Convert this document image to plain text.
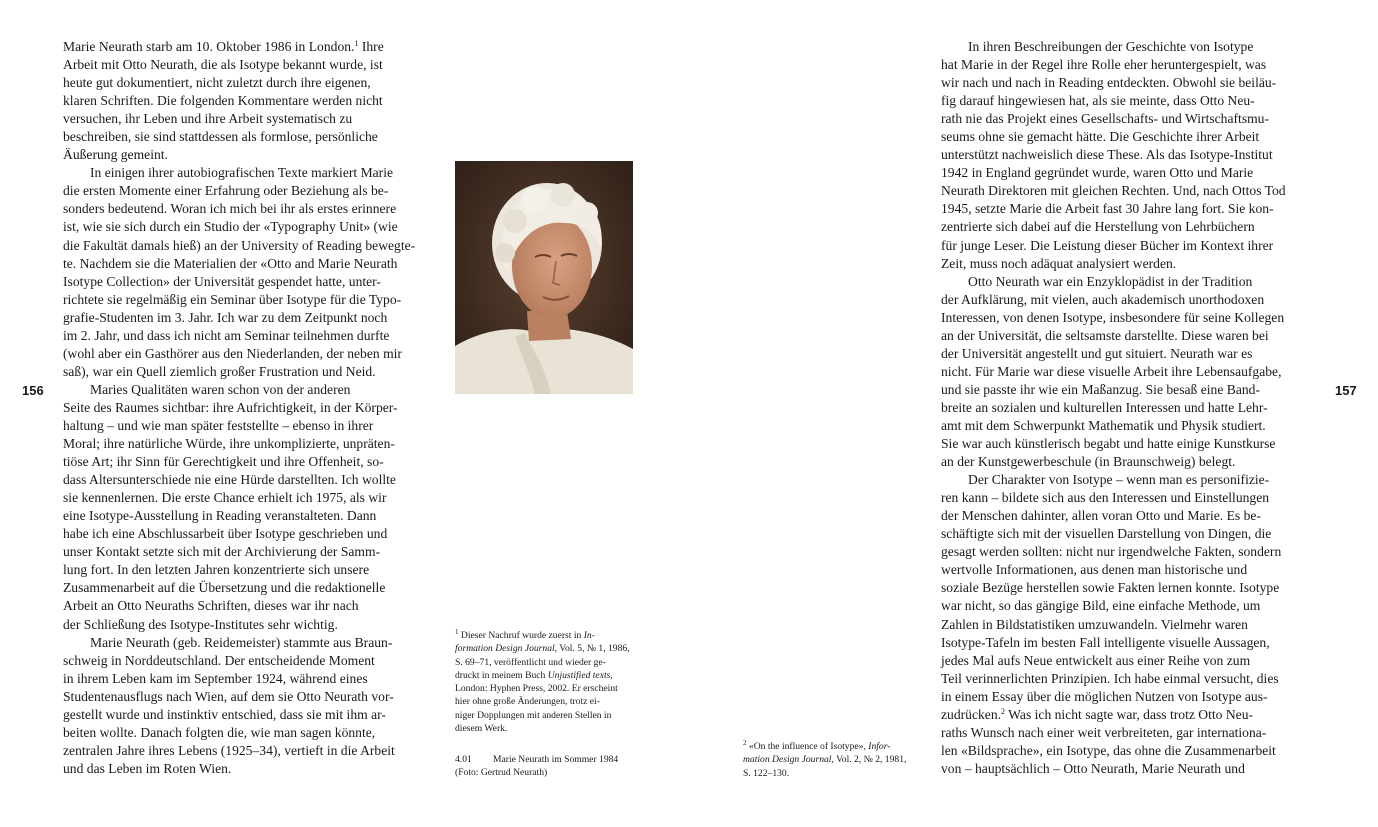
156	157
Marie Neurath starb am 10. Oktober 1986 in London.$^1$ Ihre
Arbeit mit Otto Neurath, die als Isotype bekannt wurde, ist
heute gut dokumentiert, nicht zuletzt durch ihre eigenen,
klaren Schriften. Die folgenden Kommentare werden nicht
versuchen, ihr Leben und ihre Arbeit systematisch zu
beschreiben, sie sind stattdessen als formlose, persönliche
Äußerung gemeint.
In einigen ihrer autobiografischen Texte markiert Marie
die ersten Momente einer Erfahrung oder Beziehung als be-
sonders bedeutend. Woran ich mich bei ihr als erstes erinnere
ist, wie sie sich durch ein Studio der «Typography Unit» (wie
die Fakultät damals hieß) an der University of Reading bewegte-
te. Nachdem sie die Materialien der «Otto and Marie Neurath
Isotype Collection» der Universität gespendet hatte, unter-
richtete sie regelmäßig ein Seminar über Isotype für die Typo-
grafie-Studenten im 3. Jahr. Ich war zu dem Zeitpunkt noch
im 2. Jahr, und dass ich nicht am Seminar teilnehmen durfte
(wohl aber ein Gasthörer aus den Niederlanden, der neben mir
saß), war ein Quell ziemlich großer Frustration und Neid.
Maries Qualitäten waren schon von der anderen
Seite des Raumes sichtbar: ihre Aufrichtigkeit, in der Körper-
haltung – und wie man später feststellte – ebenso in ihrer
Moral; ihre natürliche Würde, ihre unkomplizierte, unpräten-
tiöse Art; ihr Sinn für Gerechtigkeit und ihre Offenheit, so-
dass Altersunterschiede nie eine Hürde darstellten. Ich wollte
sie kennenlernen. Die erste Chance erhielt ich 1975, als wir
eine Isotype-Ausstellung in Reading veranstalteten. Dann
habe ich eine Abschlussarbeit über Isotype geschrieben und
unser Kontakt setzte sich mit der Archivierung der Samm-
lung fort. In den letzten Jahren konzentrierte sich unsere
Zusammenarbeit auf die Übersetzung und die redaktionelle
Arbeit an Otto Neuraths Schriften, dieses war ihr nach
der Schließung des Isotype-Institutes sehr wichtig.
Marie Neurath (geb. Reidemeister) stammte aus Braun-
schweig in Norddeutschland. Der entscheidende Moment
in ihrem Leben kam im September 1924, während eines
Studentenausflugs nach Wien, auf dem sie Otto Neurath vor-
gestellt wurde und instinktiv entschied, dass sie mit ihm ar-
beiten wollte. Danach folgten die, wie man sagen könnte,
zentralen Jahre ihres Lebens (1925–34), vertieft in die Arbeit
und das Leben im Roten Wien.
In ihren Beschreibungen der Geschichte von Isotype
hat Marie in der Regel ihre Rolle eher heruntergespielt, was
wir nach und nach in Reading entdeckten. Obwohl sie beiläu-
fig darauf hingewiesen hat, als sie meinte, dass Otto Neu-
rath nie das Projekt eines Gesellschafts- und Wirtschaftsmu-
seums ohne sie gemacht hätte. Die Geschichte ihrer Arbeit
unterstützt nachweislich diese These. Als das Isotype-Institut
1942 in England gegründet wurde, waren Otto und Marie
Neurath Direktoren mit gleichen Rechten. Und, nach Ottos Tod
1945, setzte Marie die Arbeit fast 30 Jahre lang fort. Sie kon-
zentrierte sich dabei auf die Herstellung von Lehrbüchern
für junge Leser. Die Leistung dieser Bücher im Kontext ihrer
Zeit, muss noch adäquat analysiert werden.
Otto Neurath war ein Enzyklopädist in der Tradition
der Aufklärung, mit vielen, auch akademisch unorthodoxen
Interessen, von denen Isotype, insbesondere für seine Kollegen
an der Universität, die seltsamste darstellte. Diese waren bei
der Universität angestellt und gut situiert. Neurath war es
nicht. Für Marie war diese visuelle Arbeit ihre Lebensaufgabe,
und sie passte ihr wie ein Maßanzug. Sie besaß eine Band-
breite an sozialen und kulturellen Interessen und hatte Lehr-
amt mit dem Schwerpunkt Mathematik und Physik studiert.
Sie war auch künstlerisch begabt und hatte einige Kunstkurse
an der Kunstgewerbeschule (in Braunschweig) belegt.
Der Charakter von Isotype – wenn man es personifizie-
ren kann – bildete sich aus den Interessen und Einstellungen
der Menschen dahinter, allen voran Otto und Marie. Es be-
schäftigte sich mit der visuellen Darstellung von Dingen, die
gesagt werden sollten: nicht nur irgendwelche Fakten, sondern
wertvolle Informationen, aus denen man historische und
soziale Bezüge herstellen sowie Fakten lernen konnte. Isotype
war nicht, so das gängige Bild, eine einfache Methode, um
Zahlen in Bildstatistiken umzuwandeln. Vielmehr waren
Isotype-Tafeln im besten Fall intelligente visuelle Aussagen,
jedes Mal aufs Neue entwickelt aus einer Reihe von zum
Teil verinnerlichten Prinzipien. Ich habe einmal versucht, dies
in einem Essay über die möglichen Nutzen von Isotype aus-
zudrücken.$^2$ Was ich nicht sagte war, dass trotz Otto Neu-
raths Wunsch nach einer weit verbreiteten, gar internationa-
len «Bildsprache», ein Isotype, das ohne die Zusammenarbeit
von – hauptsächlich – Otto Neurath, Marie Neurath und
$^1$ Dieser Nachruf wurde zuerst in In-
formation Design Journal, Vol. 5, № 1, 1986,
S. 69–71, veröffentlicht und wieder ge-
druckt in meinem Buch Unjustified texts,
London: Hyphen Press, 2002. Er erscheint
hier ohne große Änderungen, trotz ei-
niger Dopplungen mit anderen Stellen in
diesem Werk.
4.01 Marie Neurath im Sommer 1984
(Foto: Gertrud Neurath)
$^2$ «On the influence of Isotype», Infor-
mation Design Journal, Vol. 2, № 2, 1981,
S. 122–130.
